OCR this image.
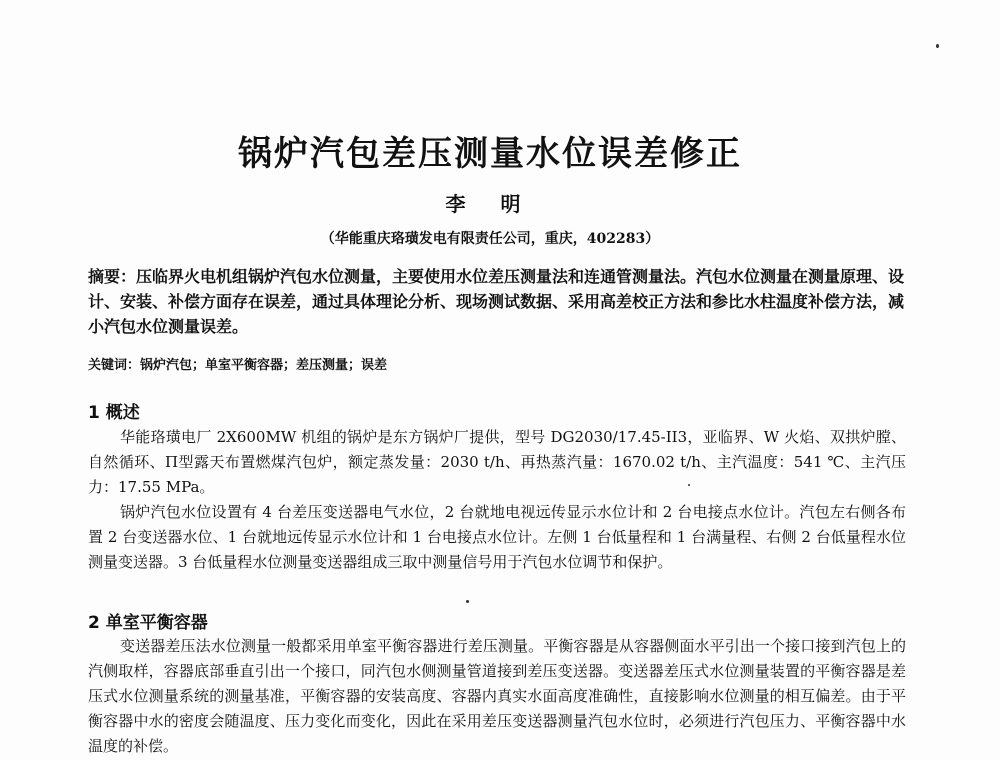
锅炉汽包差压测量水位误差修正
李 明
（华能重庆珞璜发电有限责任公司，重庆，402283）

摘要：压临界火电机组锅炉汽包水位测量，主要使用水位差压测量法和连通管测量法。汽包水位测量在测量原理、设计、安装、补偿方面存在误差，通过具体理论分析、现场测试数据、采用高差校正方法和参比水柱温度补偿方法，减小汽包水位测量误差。

关键词：锅炉汽包；单室平衡容器；差压测量；误差
1 概述

华能珞璜电厂 2X600MW 机组的锅炉是东方锅炉厂提供，型号 DG2030/17.45-II3，亚临界、W 火焰、双拱炉膛、自然循环、Π型露天布置燃煤汽包炉，额定蒸发量：2030 t/h、再热蒸汽量：1670.02 t/h、主汽温度：541 ℃、主汽压力：17.55 MPa。

锅炉汽包水位设置有 4 台差压变送器电气水位，2 台就地电视远传显示水位计和 2 台电接点水位计。汽包左右侧各布置 2 台变送器水位、1 台就地远传显示水位计和 1 台电接点水位计。左侧 1 台低量程和 1 台满量程、右侧 2 台低量程水位测量变送器。3 台低量程水位测量变送器组成三取中测量信号用于汽包水位调节和保护。

2 单室平衡容器

变送器差压法水位测量一般都采用单室平衡容器进行差压测量。平衡容器是从容器侧面水平引出一个接口接到汽包上的汽侧取样，容器底部垂直引出一个接口，同汽包水侧测量管道接到差压变送器。变送器差压式水位测量装置的平衡容器是差压式水位测量系统的测量基准，平衡容器的安装高度、容器内真实水面高度准确性，直接影响水位测量的相互偏差。由于平衡容器中水的密度会随温度、压力变化而变化，因此在采用差压变送器测量汽包水位时，必须进行汽包压力、平衡容器中水温度的补偿。
